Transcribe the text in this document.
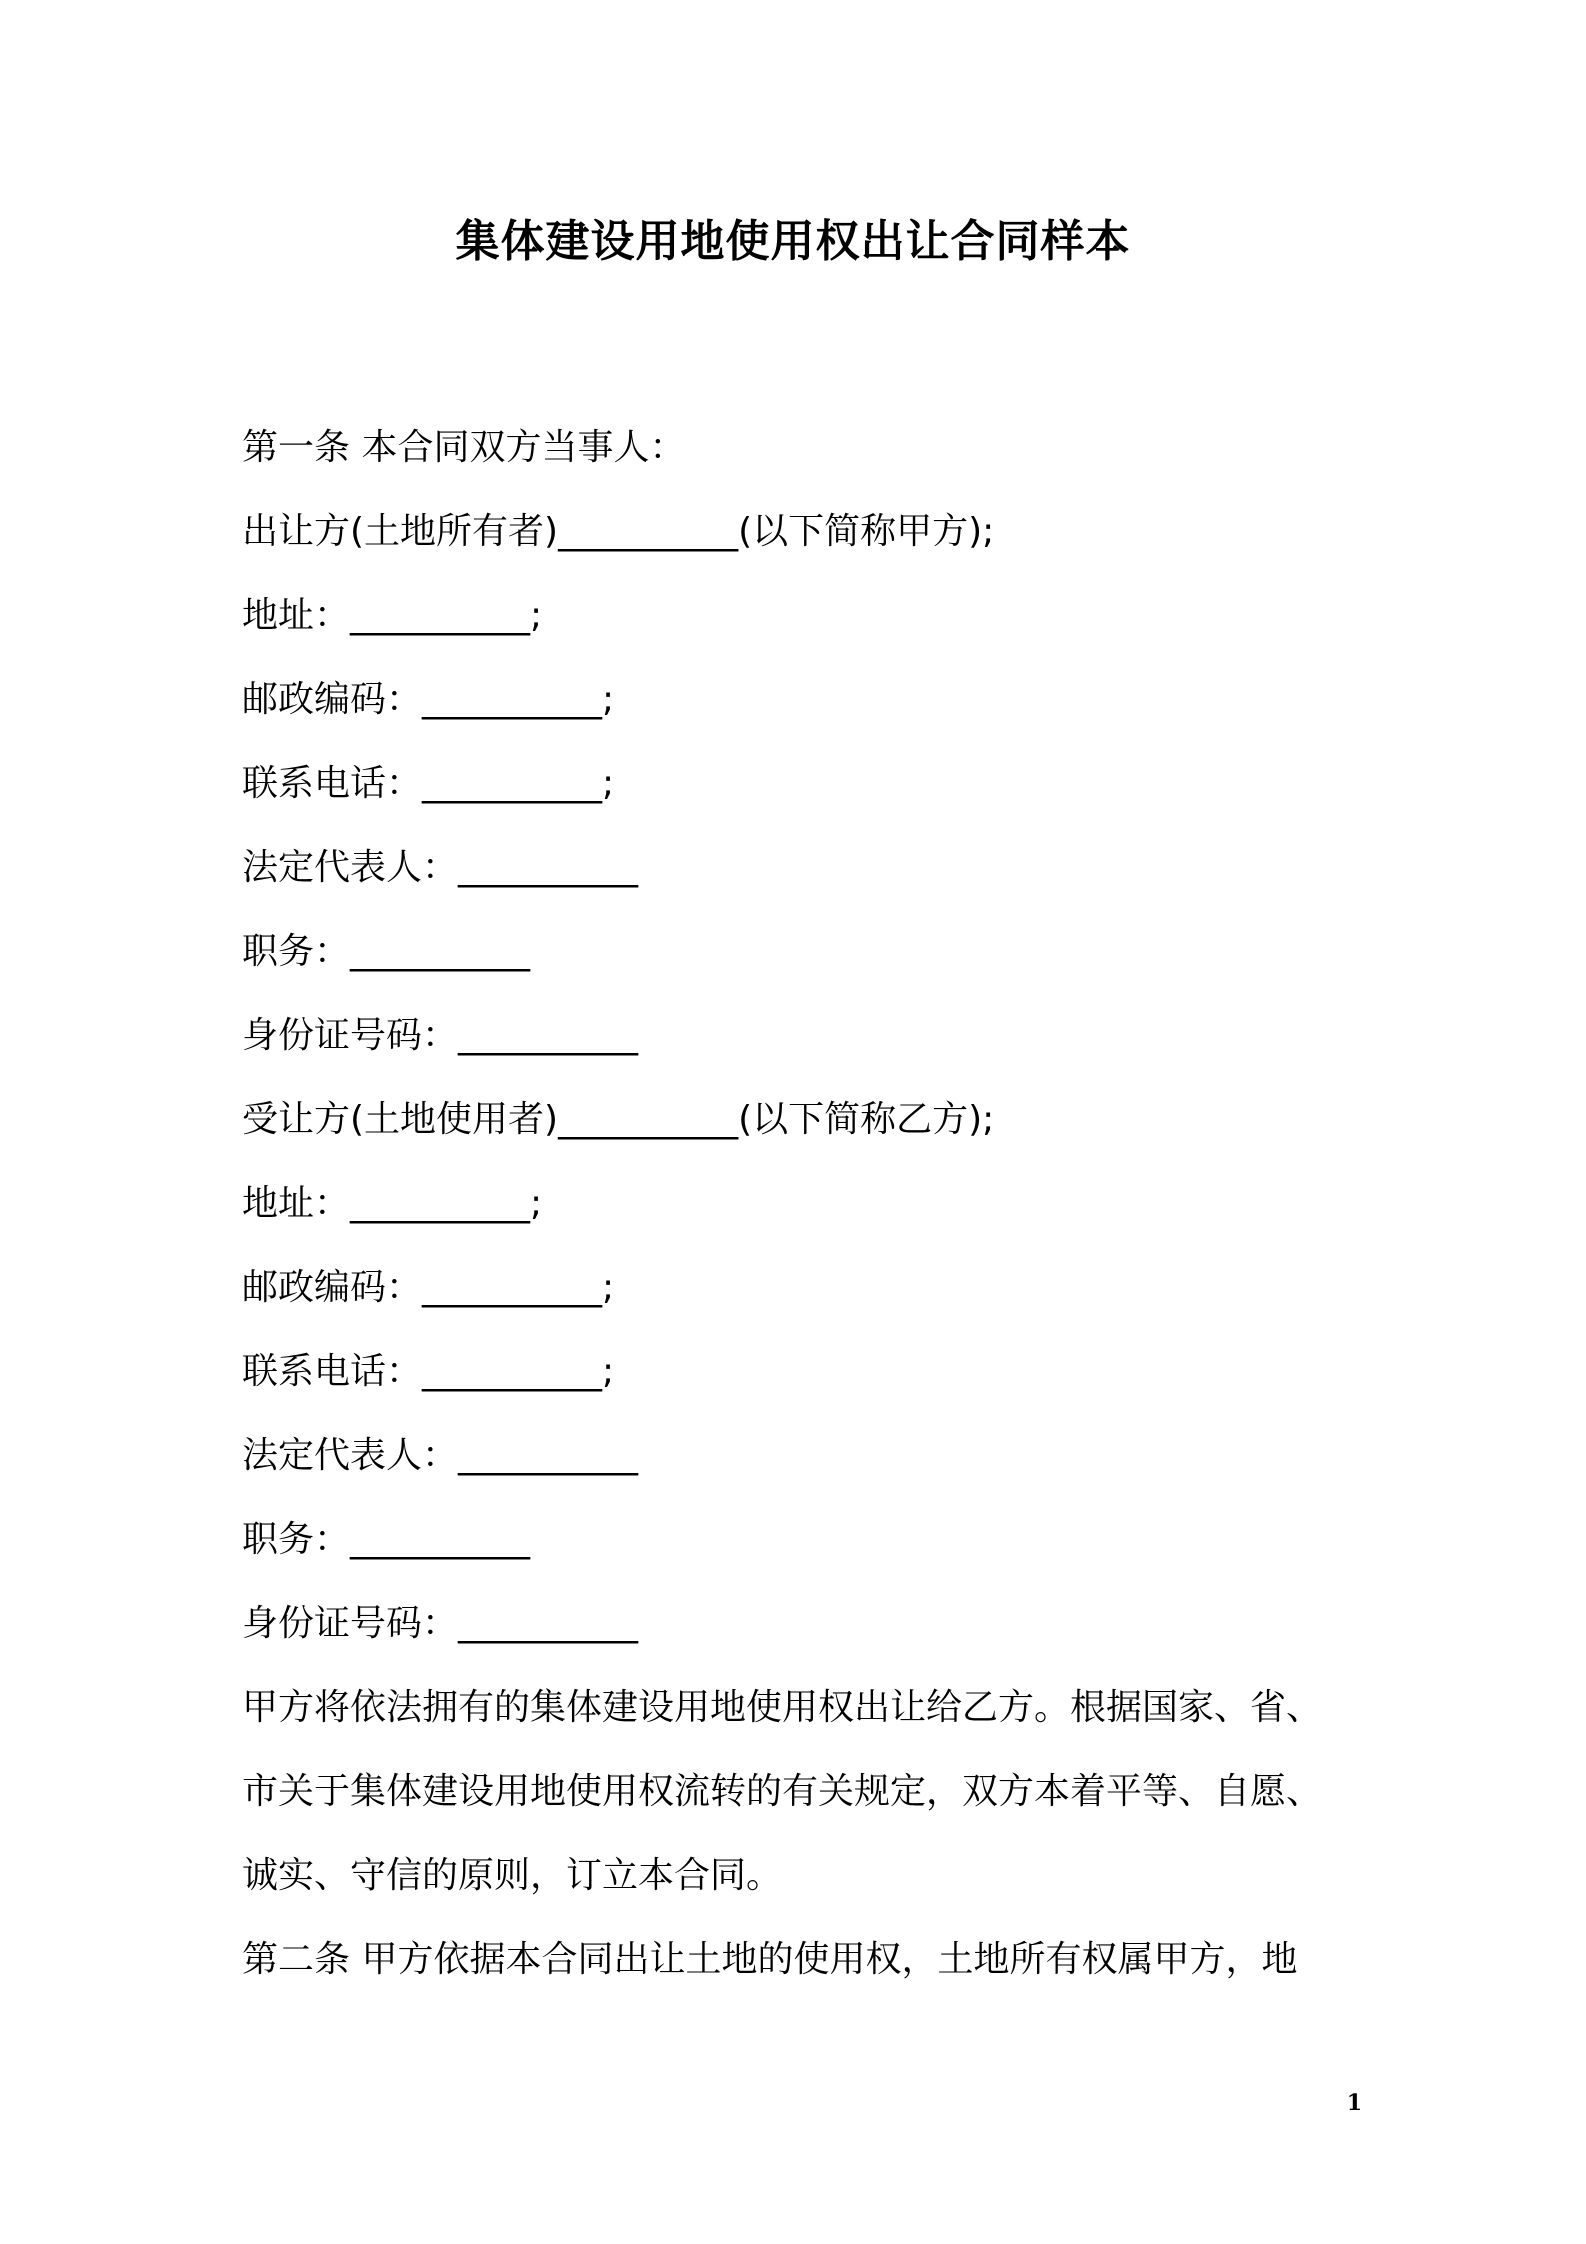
集体建设用地使用权出让合同样本
第一条 本合同双方当事人：
出让方(土地所有者)__________(以下简称甲方);
地址：__________;
邮政编码：__________;
联系电话：__________;
法定代表人：__________
职务：__________
身份证号码：__________
受让方(土地使用者)__________(以下简称乙方);
地址：__________;
邮政编码：__________;
联系电话：__________;
法定代表人：__________
职务：__________
身份证号码：__________
甲方将依法拥有的集体建设用地使用权出让给乙方。根据国家、省、
市关于集体建设用地使用权流转的有关规定，双方本着平等、自愿、
诚实、守信的原则，订立本合同。
第二条 甲方依据本合同出让土地的使用权，土地所有权属甲方，地
1
